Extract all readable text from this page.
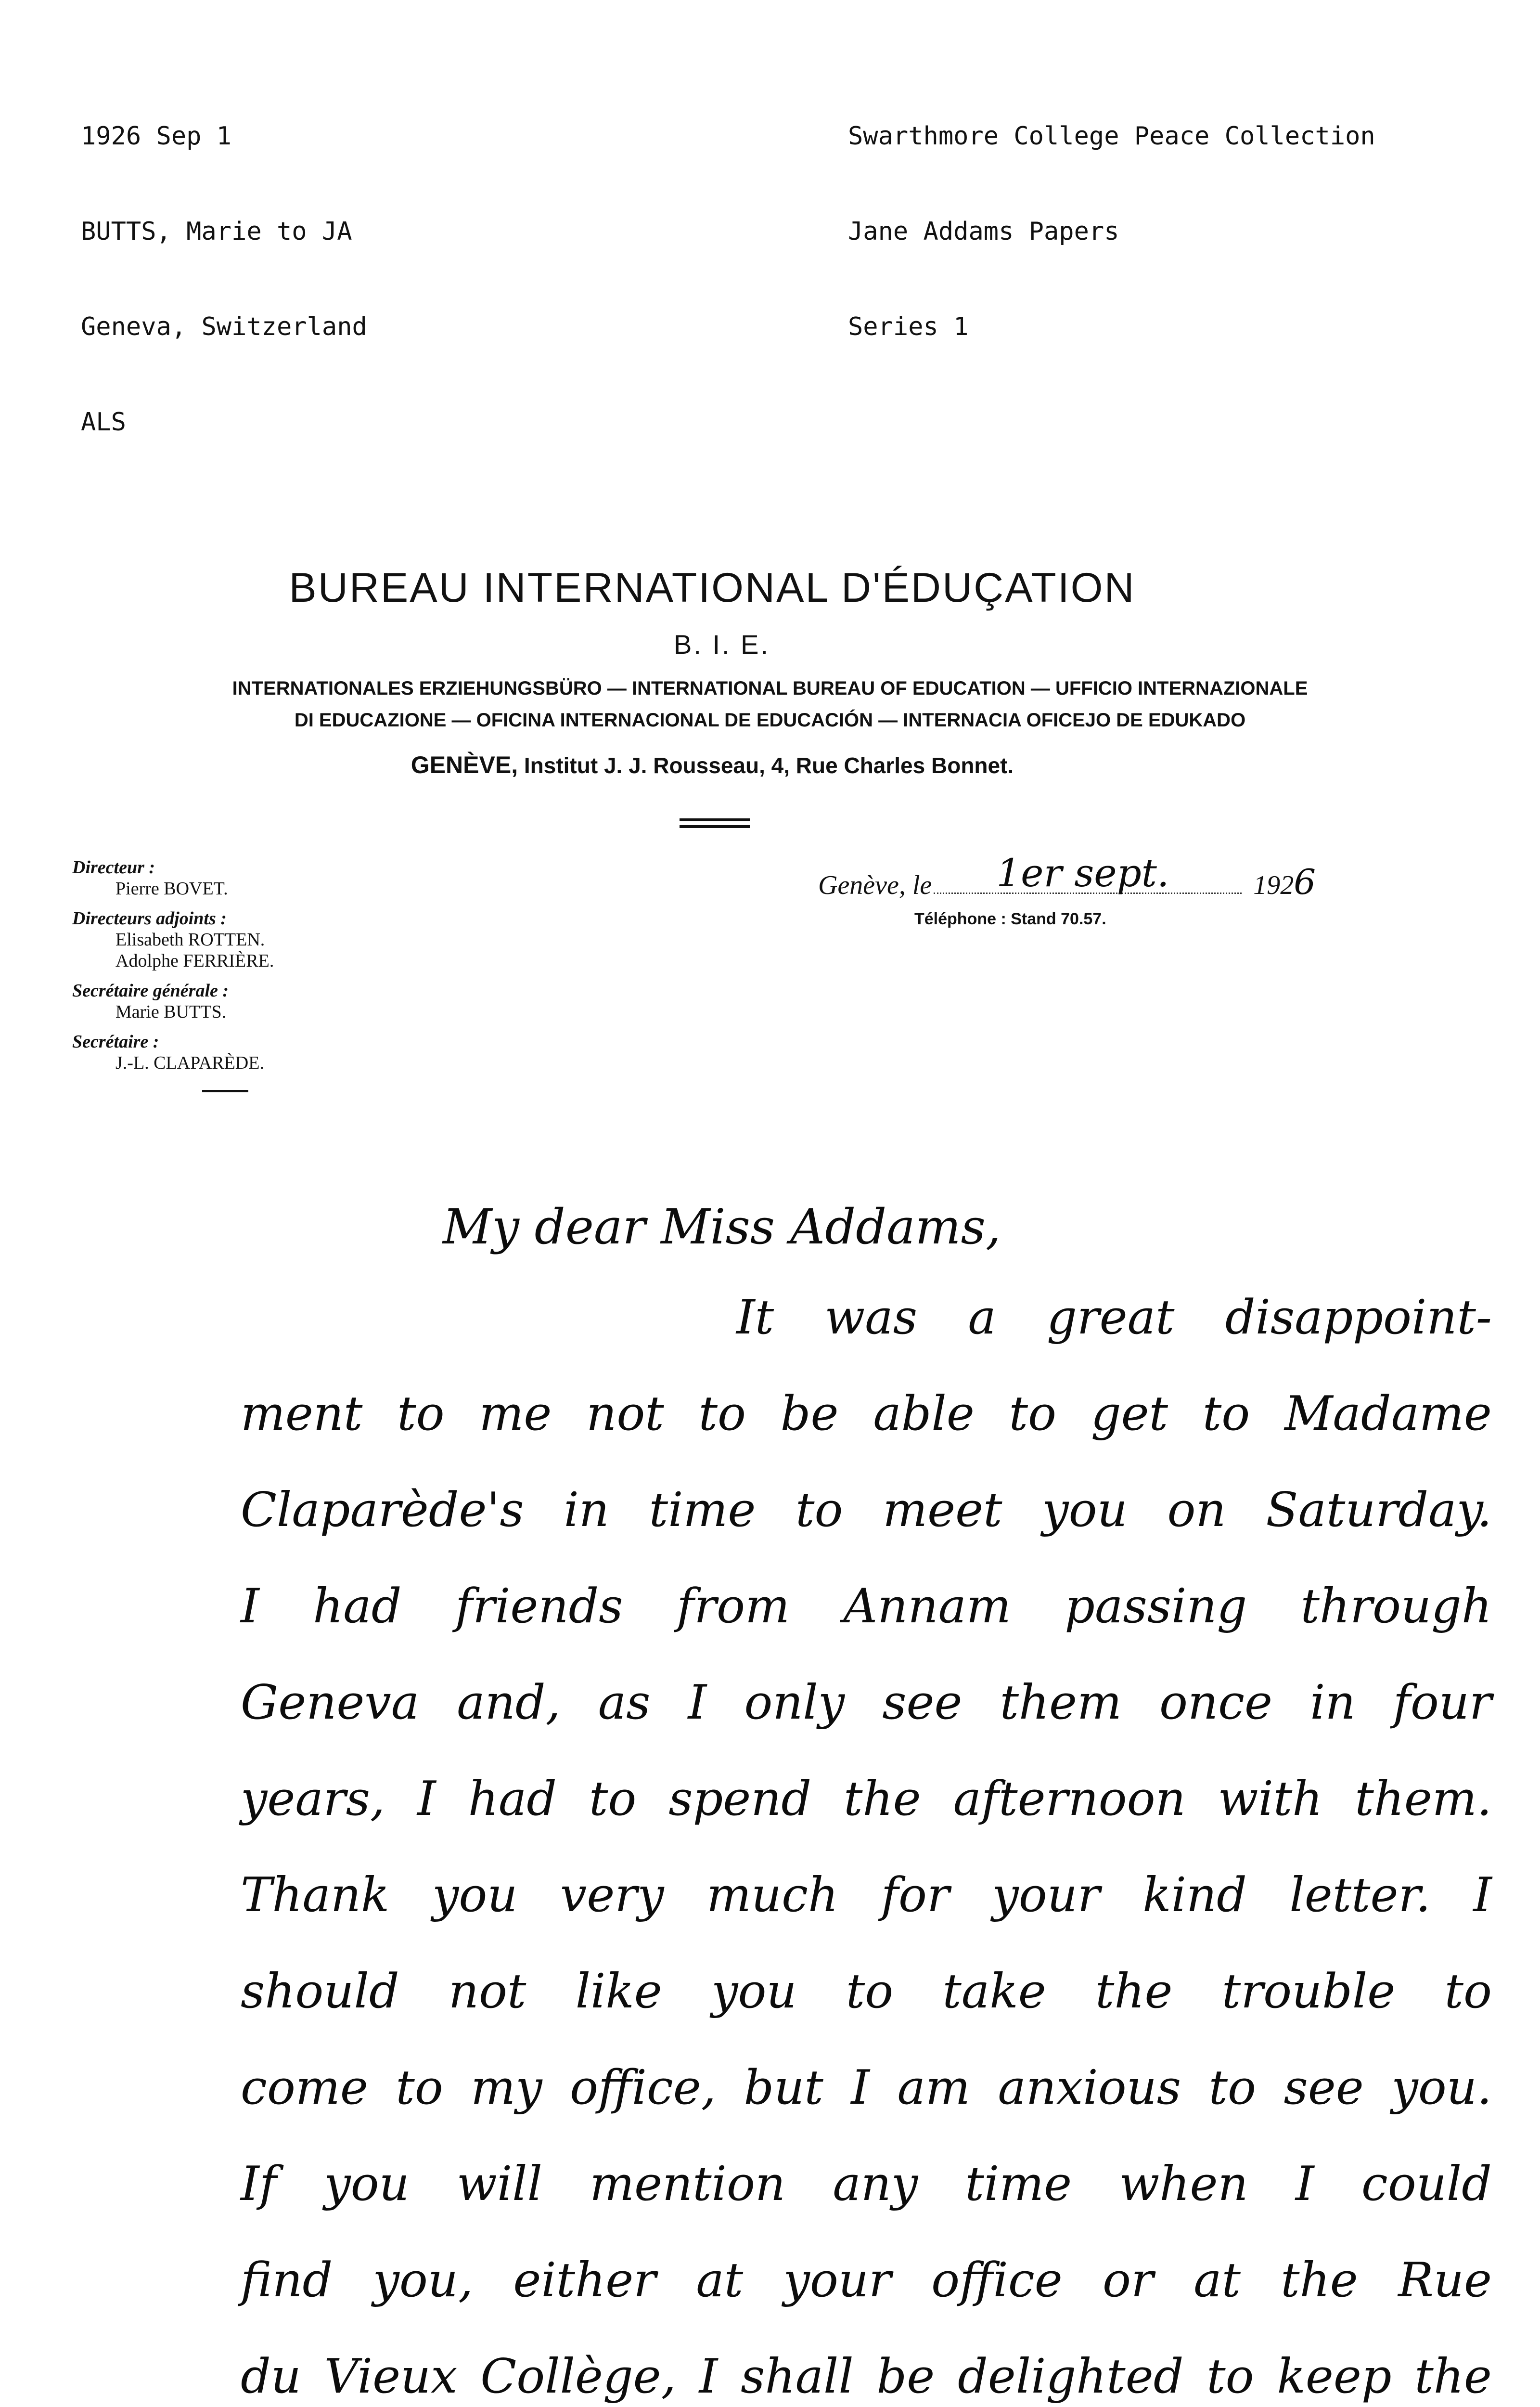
1926 Sep 1

BUTTS, Marie to JA

Geneva, Switzerland

ALS

Swarthmore College Peace Collection

Jane Addams Papers

Series 1

BUREAU INTERNATIONAL D'ÉDUÇATION
B. I. E.
INTERNATIONALES ERZIEHUNGSBÜRO — INTERNATIONAL BUREAU OF EDUCATION — UFFICIO INTERNAZIONALE
DI EDUCAZIONE — OFICINA INTERNACIONAL DE EDUCACIÓN — INTERNACIA OFICEJO DE EDUKADO
GENÈVE, Institut J. J. Rousseau, 4, Rue Charles Bonnet.
Directeur :
Pierre BOVET.
Directeurs adjoints :
Elisabeth ROTTEN.
Adolphe FERRIÈRE.
Secrétaire générale :
Marie BUTTS.
Secrétaire :
J.-L. CLAPARÈDE.
Genève, le 1er sept.	1926
Téléphone : Stand 70.57.
My dear Miss Addams,
It was a great disappoint-
ment to me not to be able to get to Madame
Claparède's in time to meet you on Saturday.
I had friends from Annam passing through
Geneva and, as I only see them once in four
years, I had to spend the afternoon with them.
Thank you very much for your kind letter. I
should not like you to take the trouble to
come to my office, but I am anxious to see you.
If you will mention any time when I could
find you, either at your office or at the Rue
du Vieux Collège, I shall be delighted to keep the
